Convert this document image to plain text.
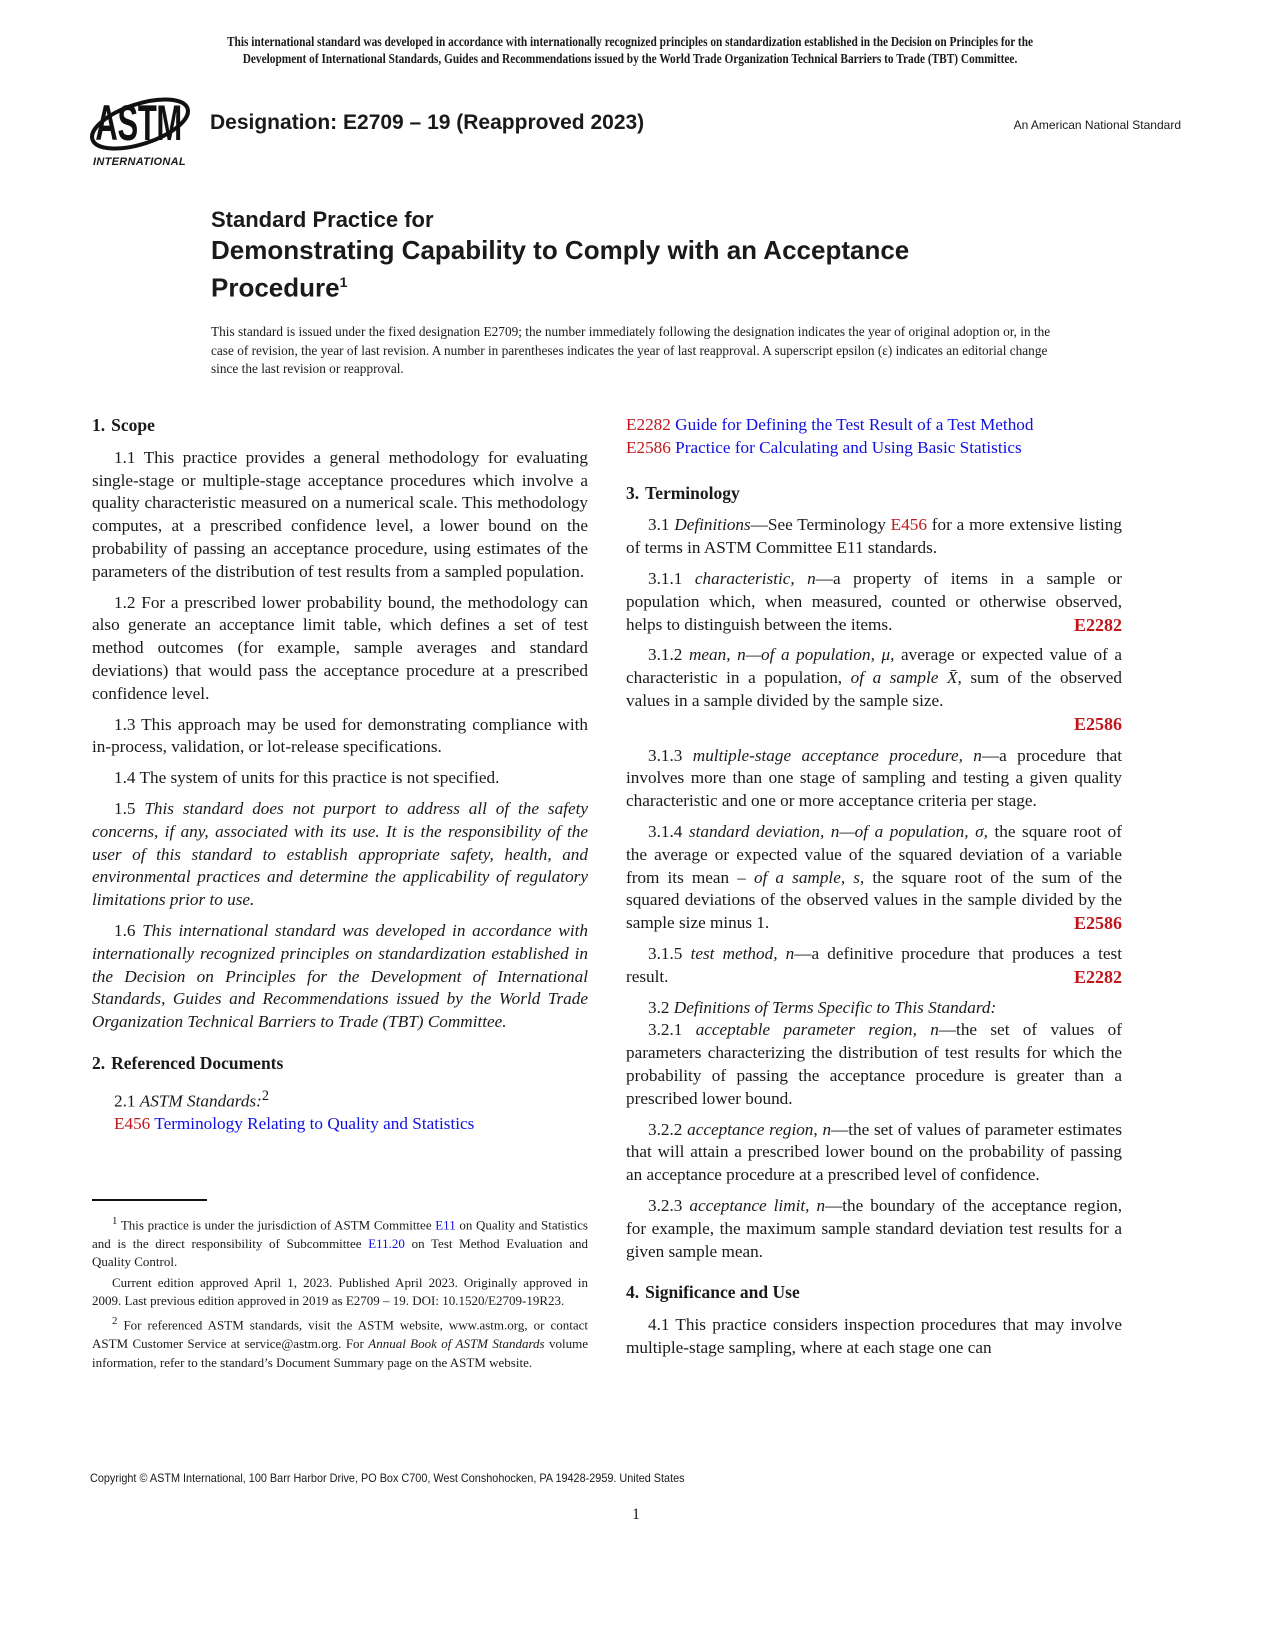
This international standard was developed in accordance with internationally recognized principles on standardization established in the Decision on Principles for the
Development of International Standards, Guides and Recommendations issued by the World Trade Organization Technical Barriers to Trade (TBT) Committee.
ASTM
INTERNATIONAL
Designation: E2709 – 19 (Reapproved 2023)	An American National Standard
Standard Practice for
Demonstrating Capability to Comply with an Acceptance
Procedure$^1$
This standard is issued under the fixed designation E2709; the number immediately following the designation indicates the year of original adoption or, in the case of revision, the year of last revision. A number in parentheses indicates the year of last reapproval. A superscript epsilon (ε) indicates an editorial change since the last revision or reapproval.
1. Scope

1.1 This practice provides a general methodology for evaluating single-stage or multiple-stage acceptance procedures which involve a quality characteristic measured on a numerical scale. This methodology computes, at a prescribed confidence level, a lower bound on the probability of passing an acceptance procedure, using estimates of the parameters of the distribution of test results from a sampled population.

1.2 For a prescribed lower probability bound, the methodology can also generate an acceptance limit table, which defines a set of test method outcomes (for example, sample averages and standard deviations) that would pass the acceptance procedure at a prescribed confidence level.

1.3 This approach may be used for demonstrating compliance with in-process, validation, or lot-release specifications.

1.4 The system of units for this practice is not specified.

1.5 This standard does not purport to address all of the safety concerns, if any, associated with its use. It is the responsibility of the user of this standard to establish appropriate safety, health, and environmental practices and determine the applicability of regulatory limitations prior to use.

1.6 This international standard was developed in accordance with internationally recognized principles on standardization established in the Decision on Principles for the Development of International Standards, Guides and Recommendations issued by the World Trade Organization Technical Barriers to Trade (TBT) Committee.

2. Referenced Documents

2.1 ASTM Standards:$^2$

E456 Terminology Relating to Quality and Statistics

$^1$ This practice is under the jurisdiction of ASTM Committee E11 on Quality and Statistics and is the direct responsibility of Subcommittee E11.20 on Test Method Evaluation and Quality Control.

Current edition approved April 1, 2023. Published April 2023. Originally approved in 2009. Last previous edition approved in 2019 as E2709 – 19. DOI: 10.1520/E2709-19R23.

$^2$ For referenced ASTM standards, visit the ASTM website, www.astm.org, or contact ASTM Customer Service at service@astm.org. For Annual Book of ASTM Standards volume information, refer to the standard’s Document Summary page on the ASTM website.

E2282 Guide for Defining the Test Result of a Test Method

E2586 Practice for Calculating and Using Basic Statistics

3. Terminology

3.1 Definitions—See Terminology E456 for a more extensive listing of terms in ASTM Committee E11 standards.

3.1.1 characteristic, n—a property of items in a sample or population which, when measured, counted or otherwise observed, helps to distinguish between the items.	E2282

3.1.2 mean, n—of a population, μ, average or expected value of a characteristic in a population, of a sample X̄, sum of the observed values in a sample divided by the sample size.
E2586

3.1.3 multiple-stage acceptance procedure, n—a procedure that involves more than one stage of sampling and testing a given quality characteristic and one or more acceptance criteria per stage.

3.1.4 standard deviation, n—of a population, σ, the square root of the average or expected value of the squared deviation of a variable from its mean – of a sample, s, the square root of the sum of the squared deviations of the observed values in the sample divided by the sample size minus 1.	E2586

3.1.5 test method, n—a definitive procedure that produces a test result.	E2282

3.2 Definitions of Terms Specific to This Standard:

3.2.1 acceptable parameter region, n—the set of values of parameters characterizing the distribution of test results for which the probability of passing the acceptance procedure is greater than a prescribed lower bound.

3.2.2 acceptance region, n—the set of values of parameter estimates that will attain a prescribed lower bound on the probability of passing an acceptance procedure at a prescribed level of confidence.

3.2.3 acceptance limit, n—the boundary of the acceptance region, for example, the maximum sample standard deviation test results for a given sample mean.

4. Significance and Use

4.1 This practice considers inspection procedures that may involve multiple-stage sampling, where at each stage one can

Copyright © ASTM International, 100 Barr Harbor Drive, PO Box C700, West Conshohocken, PA 19428-2959. United States
1
